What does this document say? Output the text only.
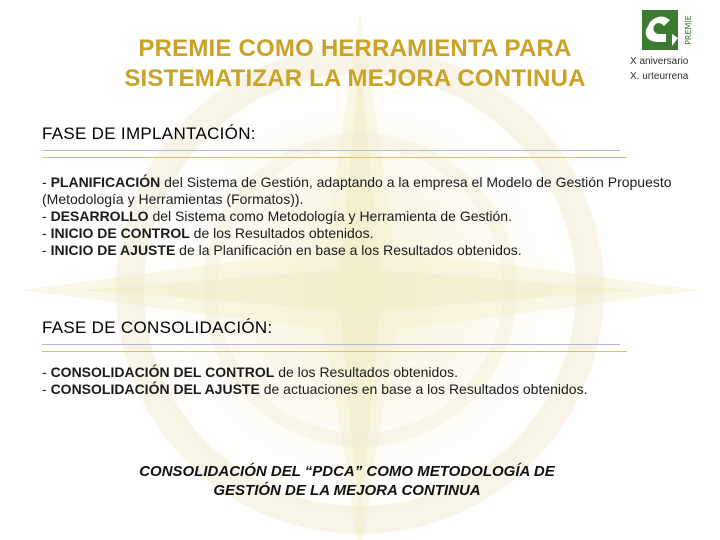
PREMIE COMO HERRAMIENTA PARA
SISTEMATIZAR LA MEJORA CONTINUA
PREMIE
X aniversario
X. urteurrena
FASE DE IMPLANTACIÓN:

- PLANIFICACIÓN del Sistema de Gestión, adaptando a la empresa el Modelo de Gestión Propuesto (Metodología y Herramientas (Formatos)).

- DESARROLLO del Sistema como Metodología y Herramienta de Gestión.

- INICIO DE CONTROL de los Resultados obtenidos.

- INICIO DE AJUSTE de la Planificación en base a los Resultados obtenidos.

FASE DE CONSOLIDACIÓN:

- CONSOLIDACIÓN DEL CONTROL de los Resultados obtenidos.

- CONSOLIDACIÓN DEL AJUSTE de actuaciones en base a los Resultados obtenidos.

CONSOLIDACIÓN DEL “PDCA” COMO METODOLOGÍA DE
GESTIÓN DE LA MEJORA CONTINUA
